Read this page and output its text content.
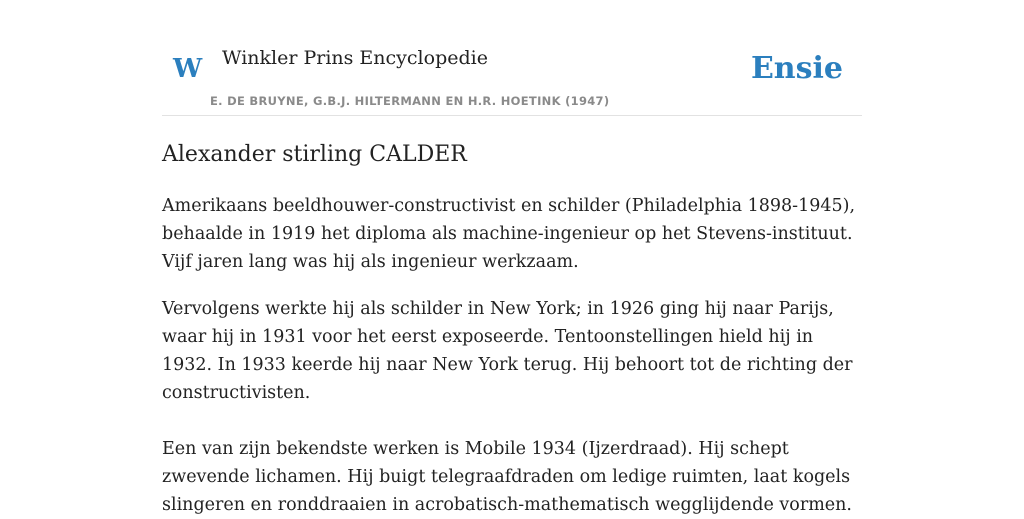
W Winkler Prins Encyclopedie
E. DE BRUYNE, G.B.J. HILTERMANN EN H.R. HOETINK (1947)
Ensie
Alexander stirling CALDER

Amerikaans beeldhouwer-constructivist en schilder (Philadelphia 1898-1945), behaalde in 1919 het diploma als machine-ingenieur op het Stevens-instituut. Vijf jaren lang was hij als ingenieur werkzaam.

Vervolgens werkte hij als schilder in New York; in 1926 ging hij naar Parijs, waar hij in 1931 voor het eerst exposeerde. Tentoonstellingen hield hij in 1932. In 1933 keerde hij naar New York terug. Hij behoort tot de richting der constructivisten.

Een van zijn bekendste werken is Mobile 1934 (Ijzerdraad). Hij schept zwevende lichamen. Hij buigt telegraafdraden om ledige ruimten, laat kogels slingeren en ronddraaien in acrobatisch-mathematisch wegglijdende vormen.
